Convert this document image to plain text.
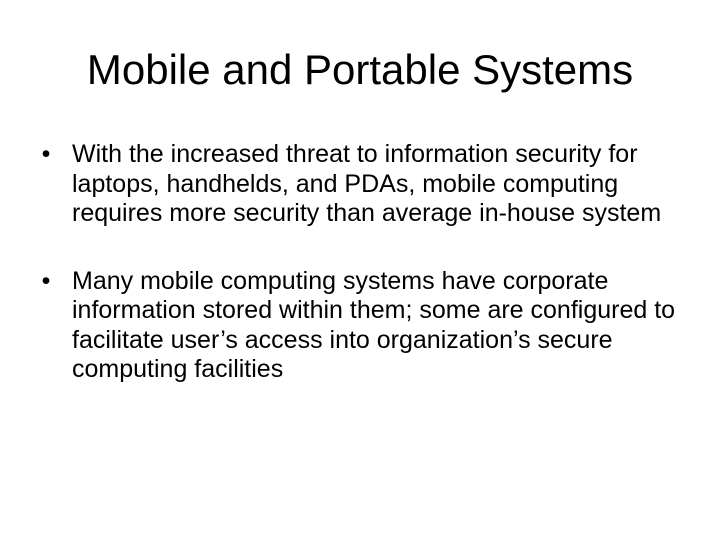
Mobile and Portable Systems
• With the increased threat to information security for laptops, handhelds, and PDAs, mobile computing requires more security than average in-house system
• Many mobile computing systems have corporate information stored within them; some are configured to facilitate user’s access into organization’s secure computing facilities
